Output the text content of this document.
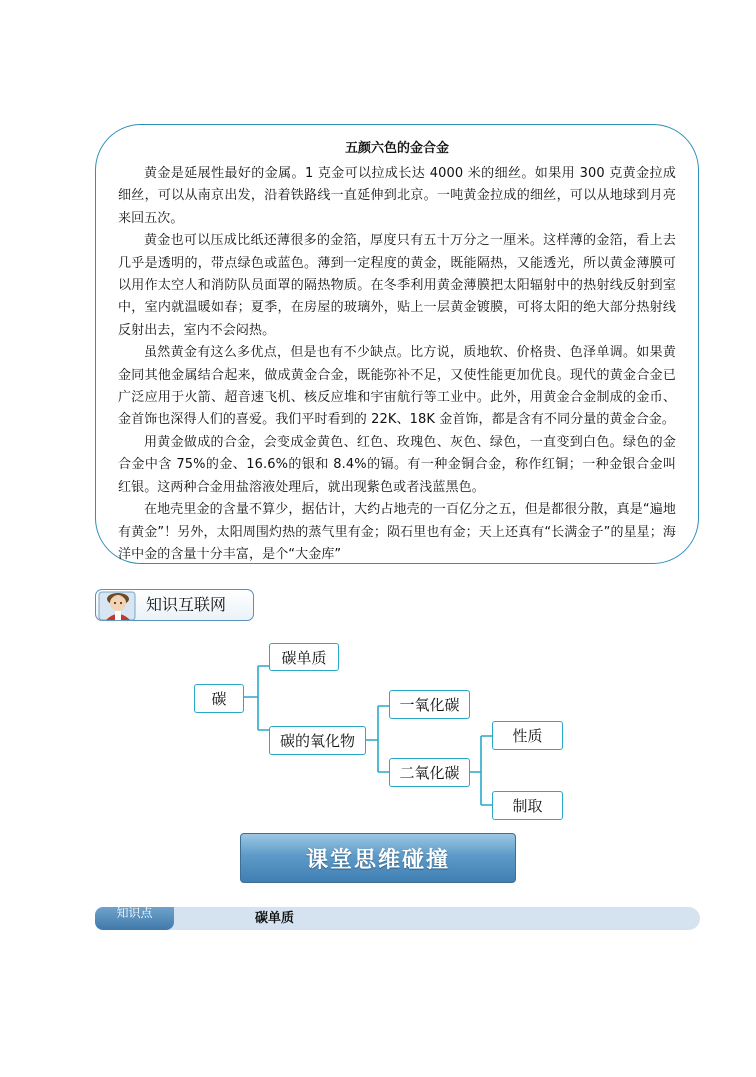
五颜六色的金合金

黄金是延展性最好的金属。1 克金可以拉成长达 4000 米的细丝。如果用 300 克黄金拉成细丝，可以从南京出发，沿着铁路线一直延伸到北京。一吨黄金拉成的细丝，可以从地球到月亮来回五次。

黄金也可以压成比纸还薄很多的金箔，厚度只有五十万分之一厘米。这样薄的金箔，看上去几乎是透明的，带点绿色或蓝色。薄到一定程度的黄金，既能隔热，又能透光，所以黄金薄膜可以用作太空人和消防队员面罩的隔热物质。在冬季利用黄金薄膜把太阳辐射中的热射线反射到室中，室内就温暖如春；夏季，在房屋的玻璃外，贴上一层黄金镀膜，可将太阳的绝大部分热射线反射出去，室内不会闷热。

虽然黄金有这么多优点，但是也有不少缺点。比方说，质地软、价格贵、色泽单调。如果黄金同其他金属结合起来，做成黄金合金，既能弥补不足，又使性能更加优良。现代的黄金合金已广泛应用于火箭、超音速飞机、核反应堆和宇宙航行等工业中。此外，用黄金合金制成的金币、金首饰也深得人们的喜爱。我们平时看到的 22K、18K 金首饰，都是含有不同分量的黄金合金。

用黄金做成的合金，会变成金黄色、红色、玫瑰色、灰色、绿色，一直变到白色。绿色的金合金中含 75%的金、16.6%的银和 8.4%的镉。有一种金铜合金，称作红铜；一种金银合金叫红银。这两种合金用盐溶液处理后，就出现紫色或者浅蓝黑色。

在地壳里金的含量不算少，据估计，大约占地壳的一百亿分之五，但是都很分散，真是“遍地有黄金”！另外，太阳周围灼热的蒸气里有金；陨石里也有金；天上还真有“长满金子”的星星；海洋中金的含量十分丰富，是个“大金库”

知识互联网
碳
碳单质
碳的氧化物
一氧化碳
二氧化碳
性质
制取
课堂思维碰撞
知识点	碳单质
